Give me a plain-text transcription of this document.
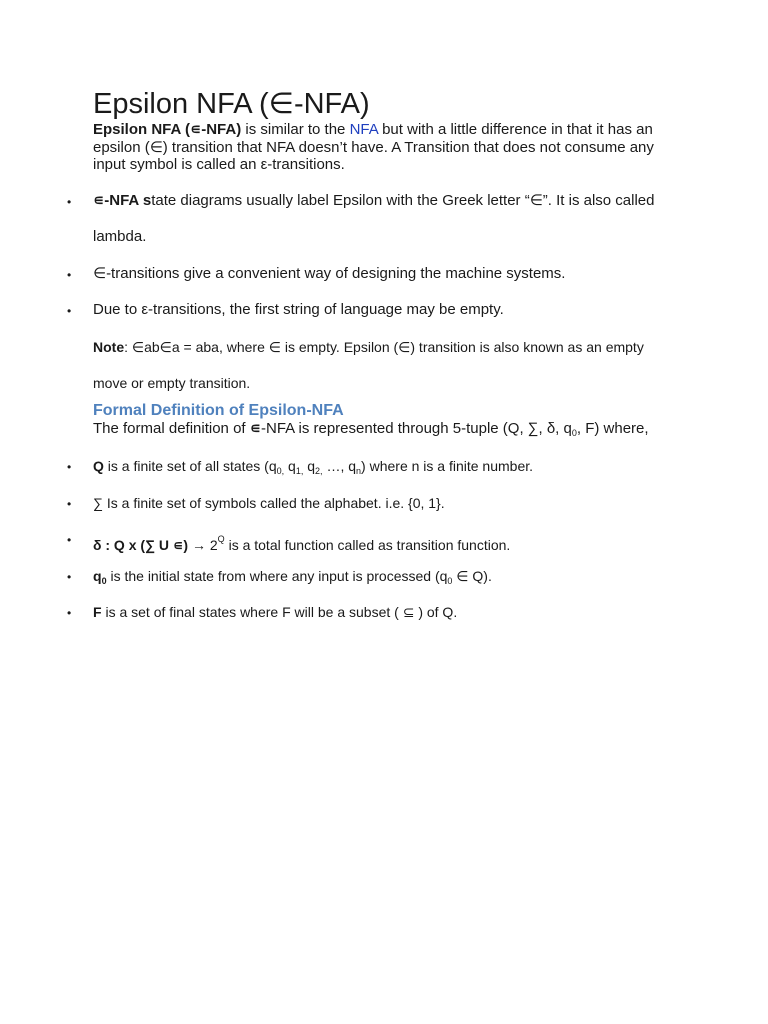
Epsilon NFA (∈-NFA)

Epsilon NFA (∊-NFA) is similar to the NFA but with a little difference in that it has an epsilon (∈) transition that NFA doesn’t have. A Transition that does not consume any input symbol is called an ε-transitions.

• ∊-NFA state diagrams usually label Epsilon with the Greek letter “∈”. It is also called

lambda.

• ∈-transitions give a convenient way of designing the machine systems.

• Due to ε-transitions, the first string of language may be empty.

Note: ∈ab∈a = aba, where ∈ is empty. Epsilon (∈) transition is also known as an empty

move or empty transition.

Formal Definition of Epsilon-NFA

The formal definition of ∊-NFA is represented through 5-tuple (Q, ∑, δ, $q_0$, F) where,

• Q is a finite set of all states ($q_{0,}$ $q_{1,}$ $q_{2,}$ …, $q_n$) where n is a finite number.

• ∑ Is a finite set of symbols called the alphabet. i.e. {0, 1}.

• δ : Q x (∑ U ∊) → $2^Q$ is a total function called as transition function.

• $q_0$ is the initial state from where any input is processed ($q_0$ ∈ Q).

• F is a set of final states where F will be a subset ( ⊆ ) of Q.
